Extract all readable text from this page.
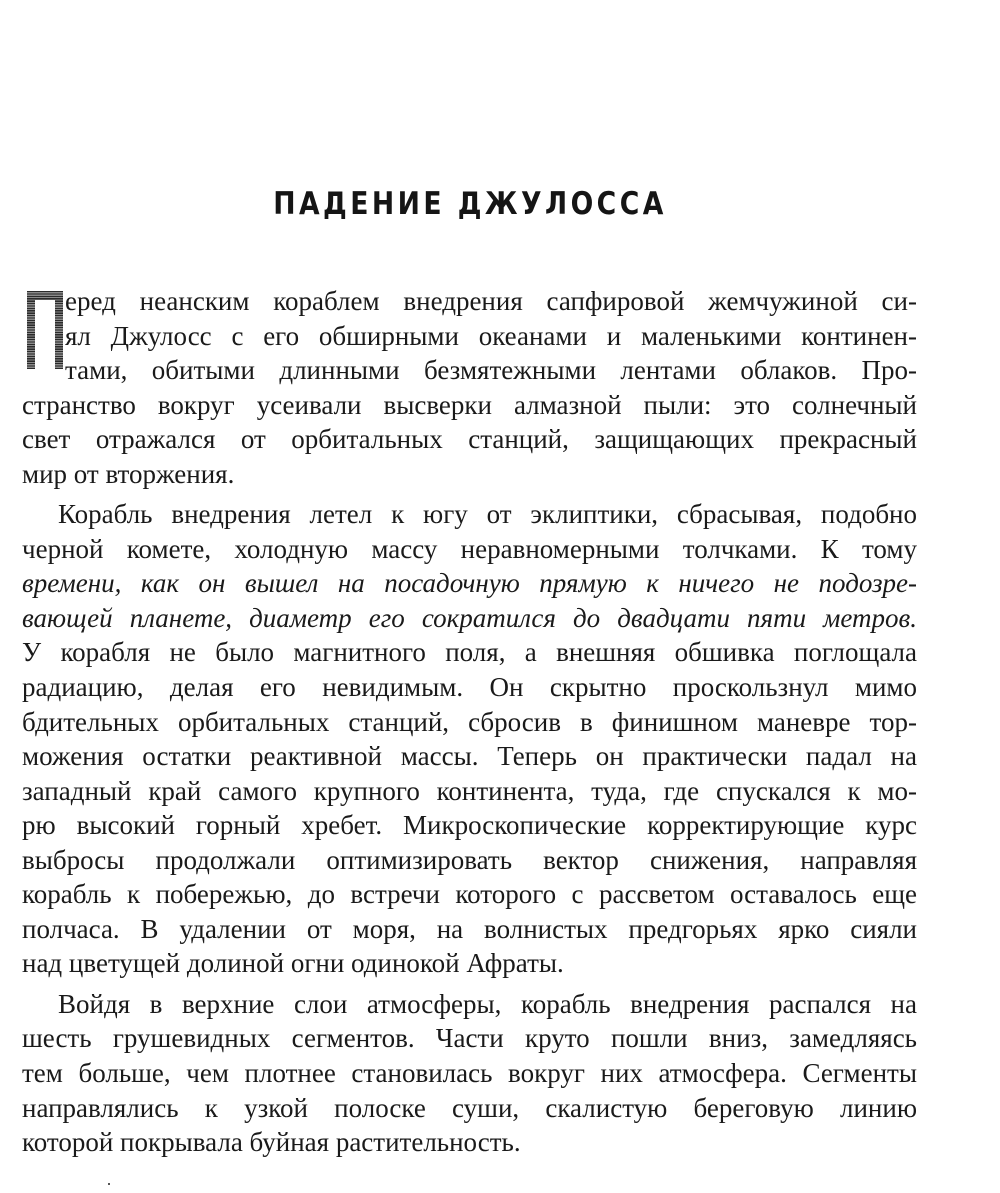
ПАДЕНИЕ ДЖУЛОССА
еред неанским кораблем внедрения сапфировой жемчужиной си-
ял Джулосс с его обширными океанами и маленькими континен-
тами, обитыми длинными безмятежными лентами облаков. Про-
странство вокруг усеивали высверки алмазной пыли: это солнечный
свет отражался от орбитальных станций, защищающих прекрасный
мир от вторжения.
Корабль внедрения летел к югу от эклиптики, сбрасывая, подобно
черной комете, холодную массу неравномерными толчками. К тому
времени, как он вышел на посадочную прямую к ничего не подозре-
вающей планете, диаметр его сократился до двадцати пяти метров.
У корабля не было магнитного поля, а внешняя обшивка поглощала
радиацию, делая его невидимым. Он скрытно проскользнул мимо
бдительных орбитальных станций, сбросив в финишном маневре тор-
можения остатки реактивной массы. Теперь он практически падал на
западный край самого крупного континента, туда, где спускался к мо-
рю высокий горный хребет. Микроскопические корректирующие курс
выбросы продолжали оптимизировать вектор снижения, направляя
корабль к побережью, до встречи которого с рассветом оставалось еще
полчаса. В удалении от моря, на волнистых предгорьях ярко сияли
над цветущей долиной огни одинокой Афраты.
Войдя в верхние слои атмосферы, корабль внедрения распался на
шесть грушевидных сегментов. Части круто пошли вниз, замедляясь
тем больше, чем плотнее становилась вокруг них атмосфера. Сегменты
направлялись к узкой полоске суши, скалистую береговую линию
которой покрывала буйная растительность.
